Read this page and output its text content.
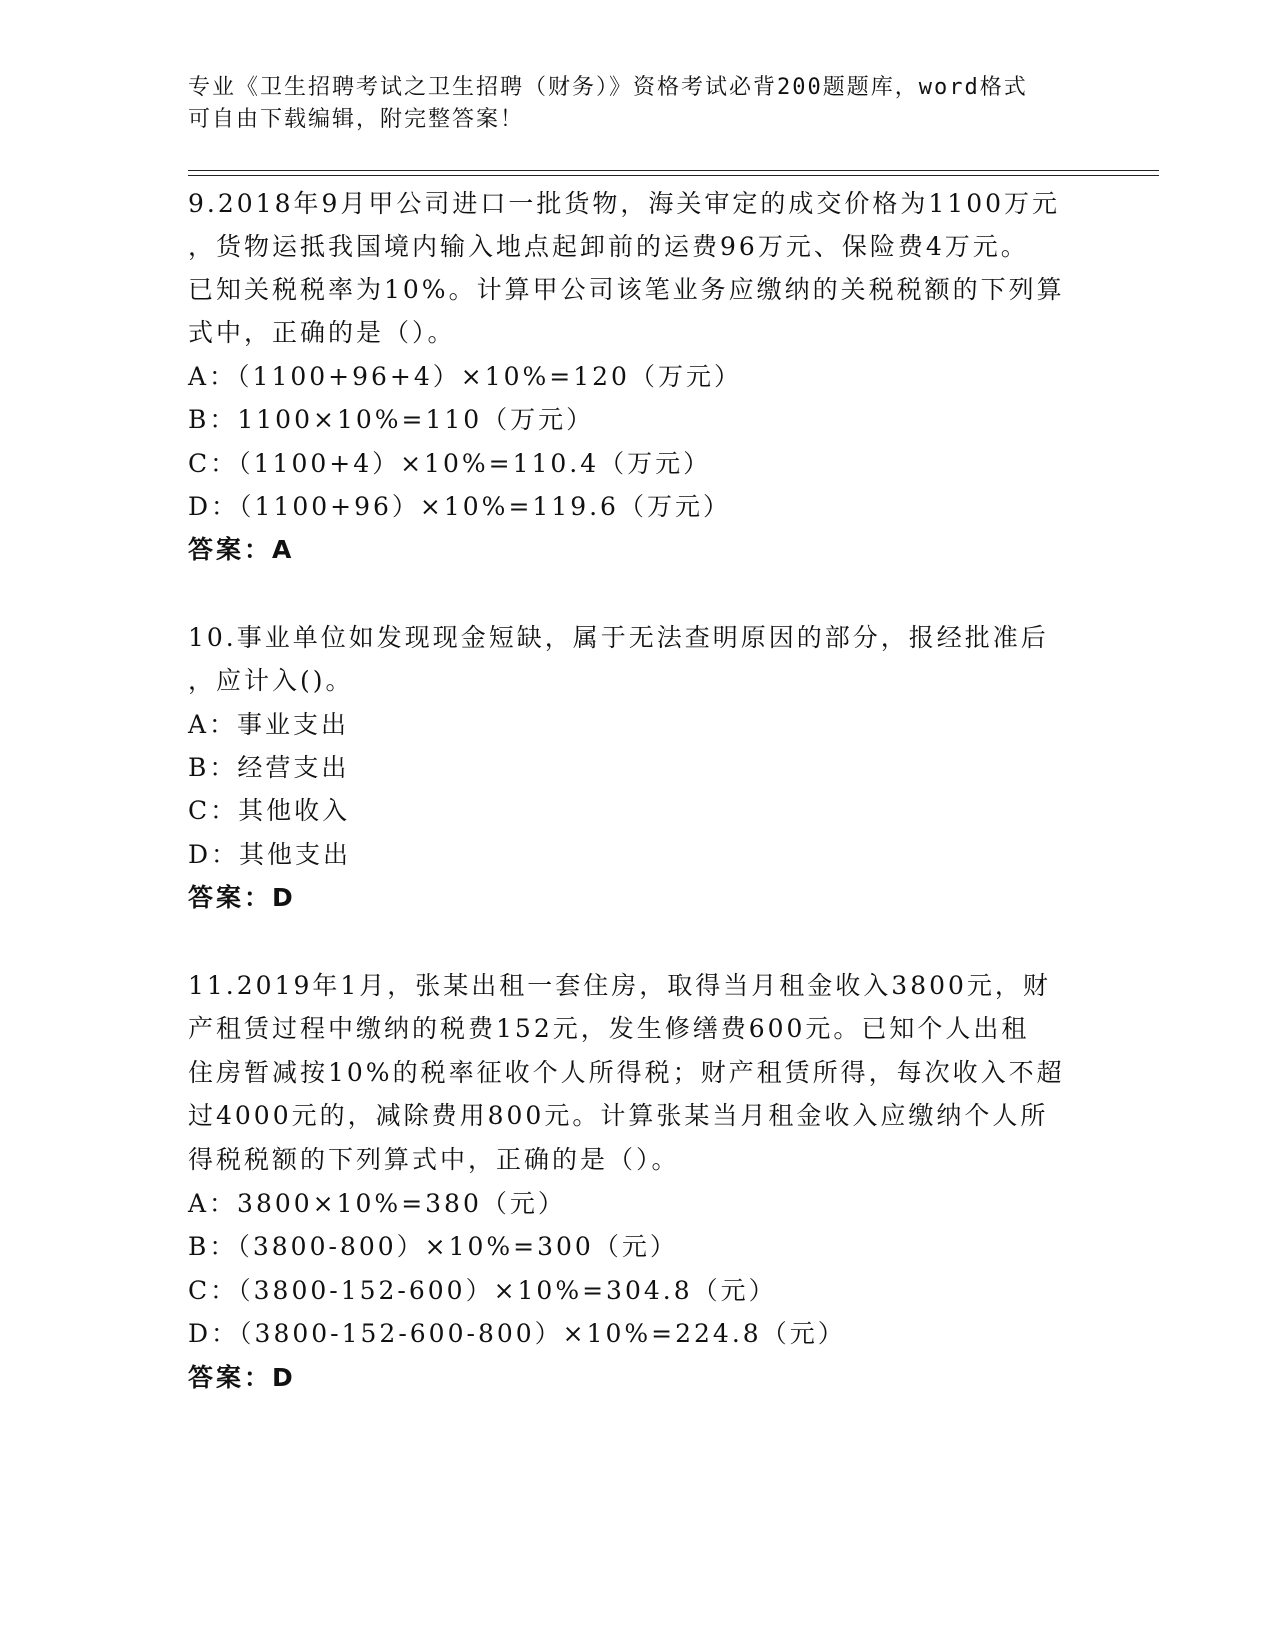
专业《卫生招聘考试之卫生招聘（财务）》资格考试必背200题题库，word格式
可自由下载编辑，附完整答案！
9.2018年9月甲公司进口一批货物，海关审定的成交价格为1100万元
，货物运抵我国境内输入地点起卸前的运费96万元、保险费4万元。
已知关税税率为10%。计算甲公司该笔业务应缴纳的关税税额的下列算
式中，正确的是（）。
A：（1100+96+4）×10%=120（万元）
B：1100×10%=110（万元）
C：（1100+4）×10%=110.4（万元）
D：（1100+96）×10%=119.6（万元）
答案：A
10.事业单位如发现现金短缺，属于无法查明原因的部分，报经批准后
，应计入()。
A：事业支出
B：经营支出
C：其他收入
D：其他支出
答案：D
11.2019年1月，张某出租一套住房，取得当月租金收入3800元，财
产租赁过程中缴纳的税费152元，发生修缮费600元。已知个人出租
住房暂减按10%的税率征收个人所得税；财产租赁所得，每次收入不超
过4000元的，减除费用800元。计算张某当月租金收入应缴纳个人所
得税税额的下列算式中，正确的是（）。
A：3800×10%=380（元）
B：（3800-800）×10%=300（元）
C：（3800-152-600）×10%=304.8（元）
D：（3800-152-600-800）×10%=224.8（元）
答案：D
